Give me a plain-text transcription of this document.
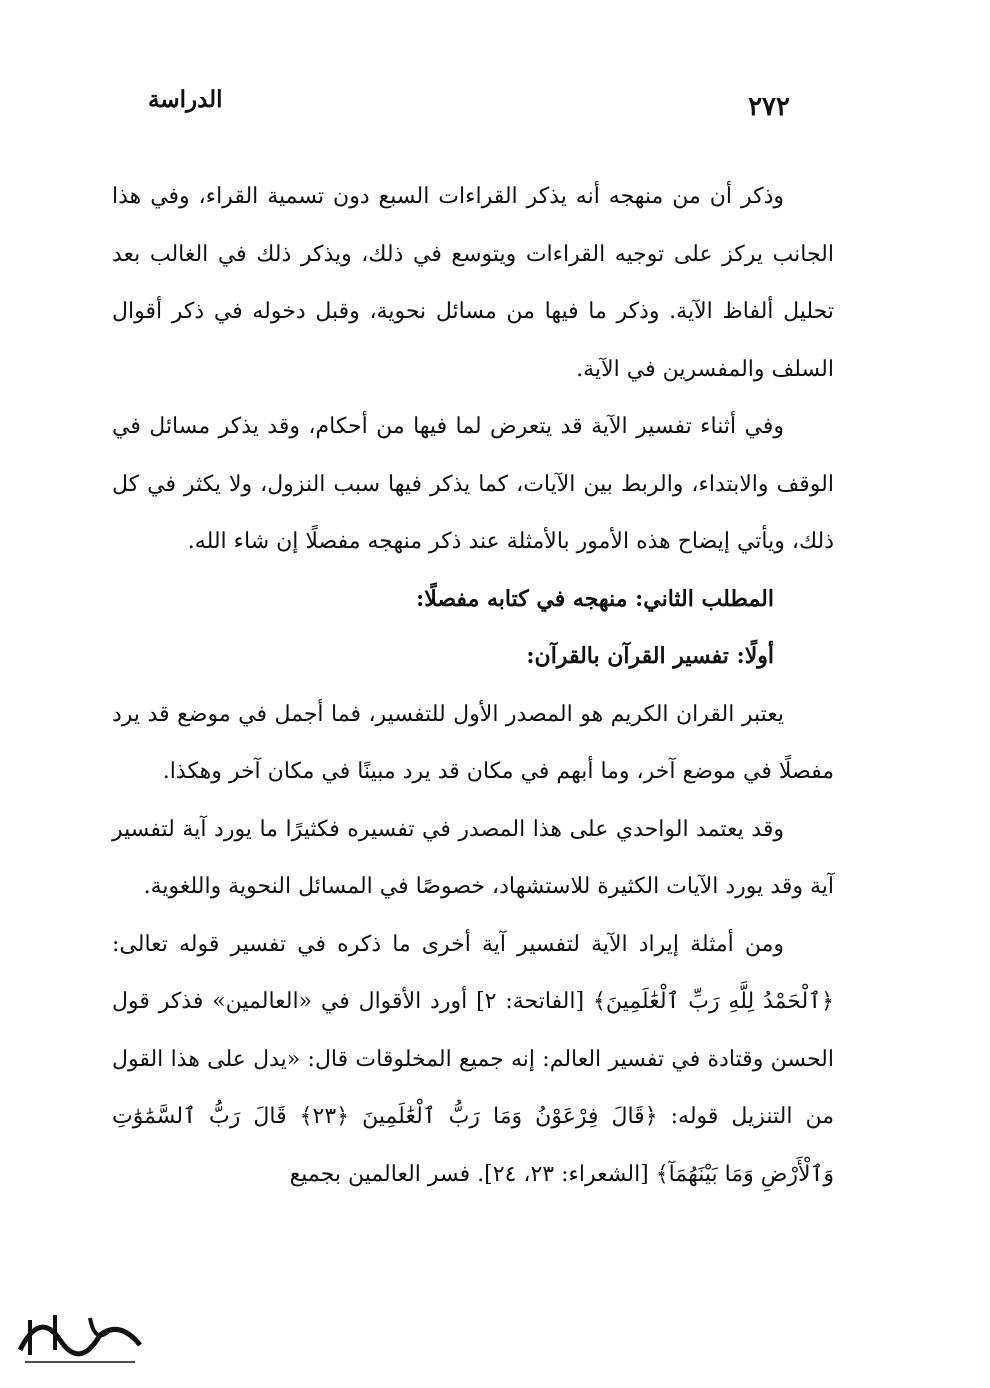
الدراسة	٢٧٢

وذكر أن من منهجه أنه يذكر القراءات السبع دون تسمية القراء، وفي هذا الجانب يركز على توجيه القراءات ويتوسع في ذلك، ويذكر ذلك في الغالب بعد تحليل ألفاظ الآية. وذكر ما فيها من مسائل نحوية، وقبل دخوله في ذكر أقوال السلف والمفسرين في الآية.

وفي أثناء تفسير الآية قد يتعرض لما فيها من أحكام، وقد يذكر مسائل في الوقف والابتداء، والربط بين الآيات، كما يذكر فيها سبب النزول، ولا يكثر في كل ذلك، ويأتي إيضاح هذه الأمور بالأمثلة عند ذكر منهجه مفصلًا إن شاء الله.

المطلب الثاني: منهجه في كتابه مفصلًا:

أولًا: تفسير القرآن بالقرآن:

يعتبر القران الكريم هو المصدر الأول للتفسير، فما أجمل في موضع قد يرد مفصلًا في موضع آخر، وما أبهم في مكان قد يرد مبينًا في مكان آخر وهكذا.

وقد يعتمد الواحدي على هذا المصدر في تفسيره فكثيرًا ما يورد آية لتفسير آية وقد يورد الآيات الكثيرة للاستشهاد، خصوصًا في المسائل النحوية واللغوية.

ومن أمثلة إيراد الآية لتفسير آية أخرى ما ذكره في تفسير قوله تعالى: ﴿ٱلْحَمْدُ لِلَّهِ رَبِّ ٱلْعَٰلَمِينَ﴾ [الفاتحة: ٢] أورد الأقوال في «العالمين» فذكر قول الحسن وقتادة في تفسير العالم: إنه جميع المخلوقات قال: «يدل على هذا القول من التنزيل قوله: ﴿قَالَ فِرْعَوْنُ وَمَا رَبُّ ٱلْعَٰلَمِينَ ﴿٢٣﴾ قَالَ رَبُّ ٱلسَّمَٰوَٰتِ وَٱلْأَرْضِ وَمَا بَيْنَهُمَآ﴾ [الشعراء: ٢٣، ٢٤]. فسر العالمين بجميع
